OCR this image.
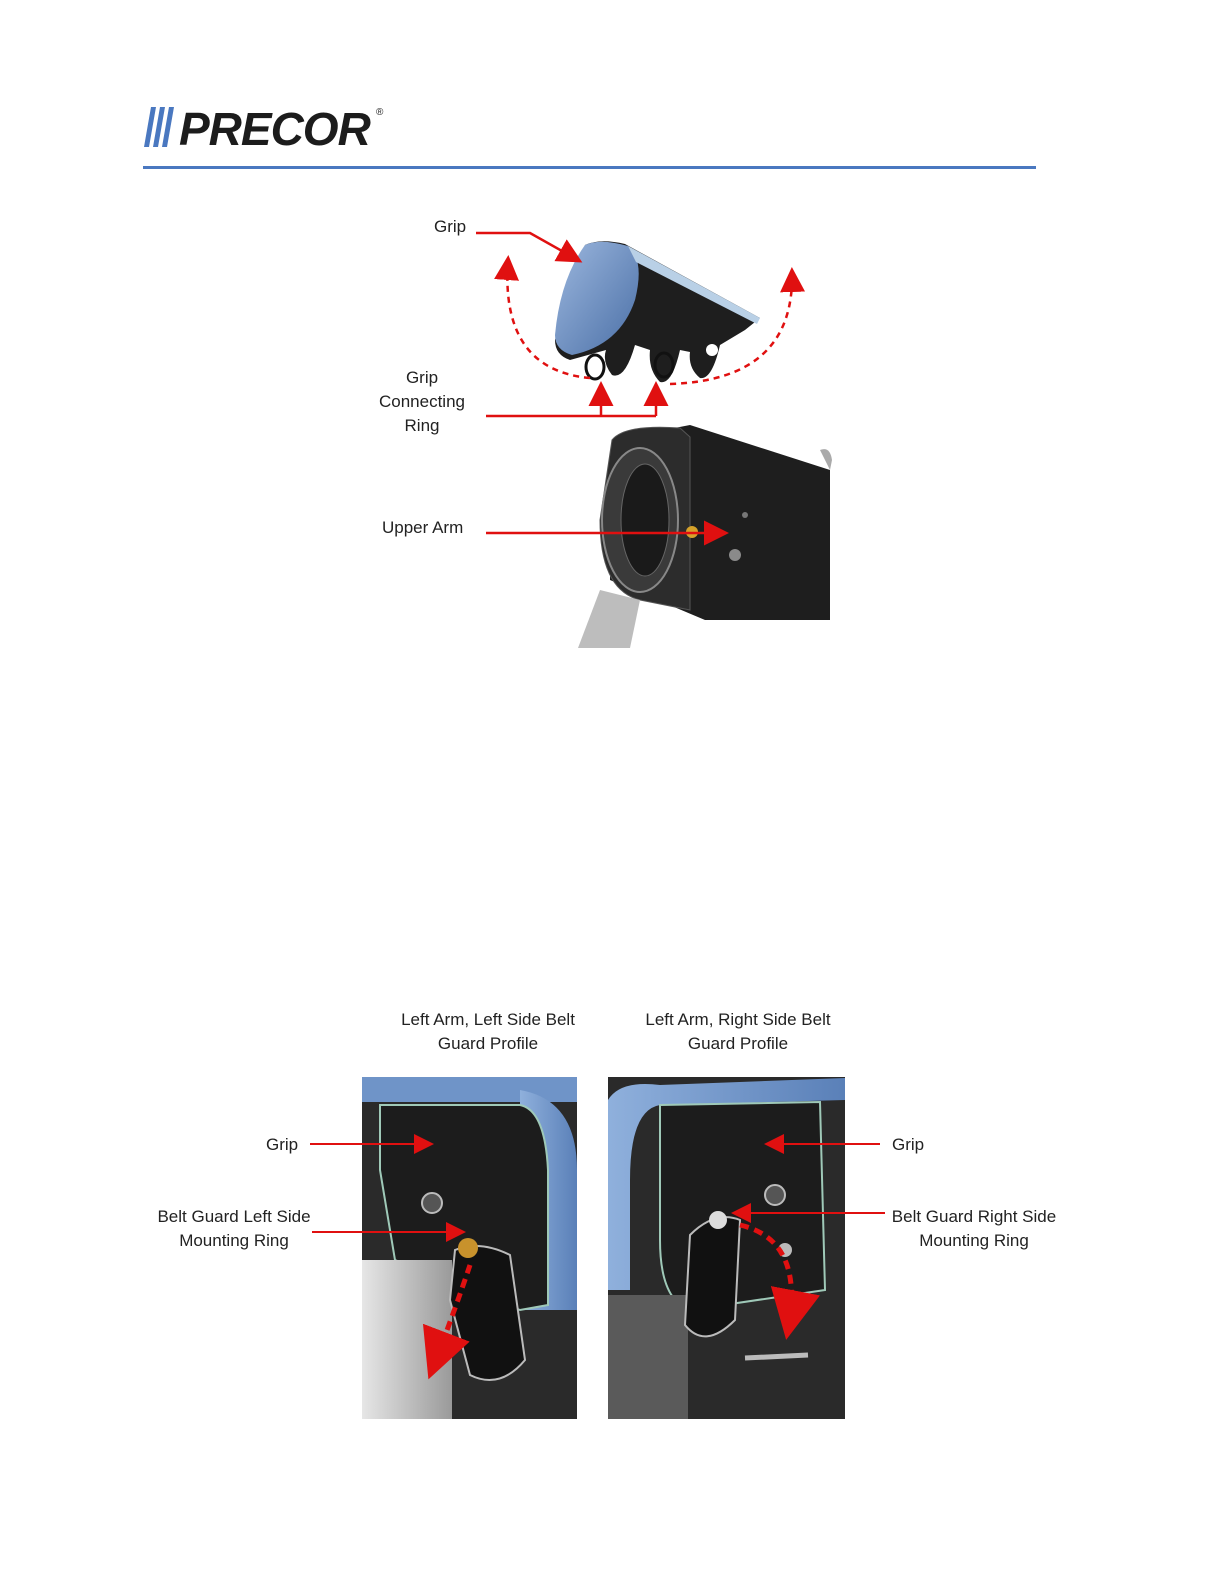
PRECOR ®
Grip
Grip
Connecting
Ring
Upper Arm
Left Arm, Left Side Belt
Guard Profile
Left Arm, Right Side Belt
Guard Profile
Grip
Belt Guard Left Side
Mounting Ring
Grip
Belt Guard Right Side
Mounting Ring
